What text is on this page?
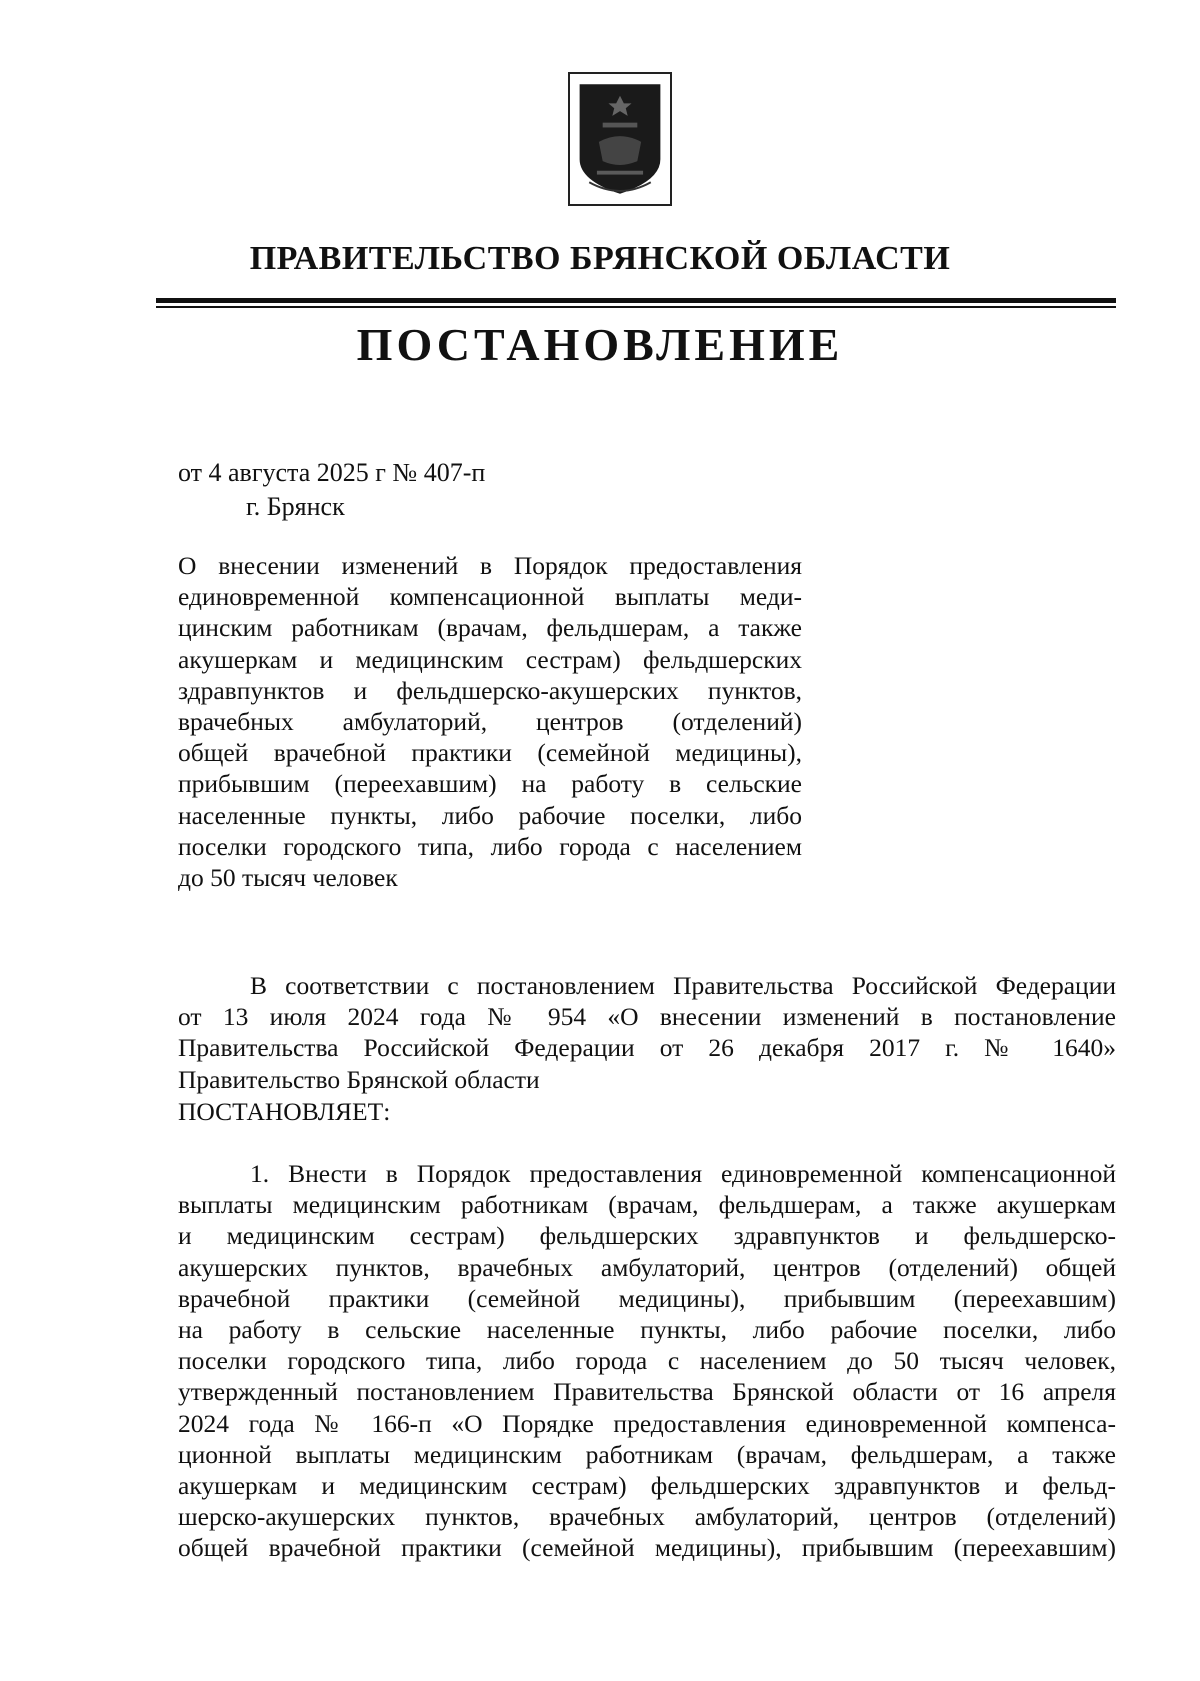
ПРАВИТЕЛЬСТВО БРЯНСКОЙ ОБЛАСТИ
ПОСТАНОВЛЕНИЕ
от 4 августа 2025 г № 407-п
г. Брянск
О внесении изменений в Порядок предоставления
единовременной компенсационной выплаты меди-
цинским работникам (врачам, фельдшерам, а также
акушеркам и медицинским сестрам) фельдшерских
здравпунктов и фельдшерско-акушерских пунктов,
врачебных амбулаторий, центров (отделений)
общей врачебной практики (семейной медицины),
прибывшим (переехавшим) на работу в сельские
населенные пункты, либо рабочие поселки, либо
поселки городского типа, либо города с населением
до 50 тысяч человек
В соответствии с постановлением Правительства Российской Федерации
от 13 июля 2024 года № 954 «О внесении изменений в постановление
Правительства Российской Федерации от 26 декабря 2017 г. № 1640»
Правительство Брянской области
ПОСТАНОВЛЯЕТ:
1. Внести в Порядок предоставления единовременной компенсационной
выплаты медицинским работникам (врачам, фельдшерам, а также акушеркам
и медицинским сестрам) фельдшерских здравпунктов и фельдшерско-
акушерских пунктов, врачебных амбулаторий, центров (отделений) общей
врачебной практики (семейной медицины), прибывшим (переехавшим)
на работу в сельские населенные пункты, либо рабочие поселки, либо
поселки городского типа, либо города с населением до 50 тысяч человек,
утвержденный постановлением Правительства Брянской области от 16 апреля
2024 года № 166-п «О Порядке предоставления единовременной компенса-
ционной выплаты медицинским работникам (врачам, фельдшерам, а также
акушеркам и медицинским сестрам) фельдшерских здравпунктов и фельд-
шерско-акушерских пунктов, врачебных амбулаторий, центров (отделений)
общей врачебной практики (семейной медицины), прибывшим (переехавшим)
